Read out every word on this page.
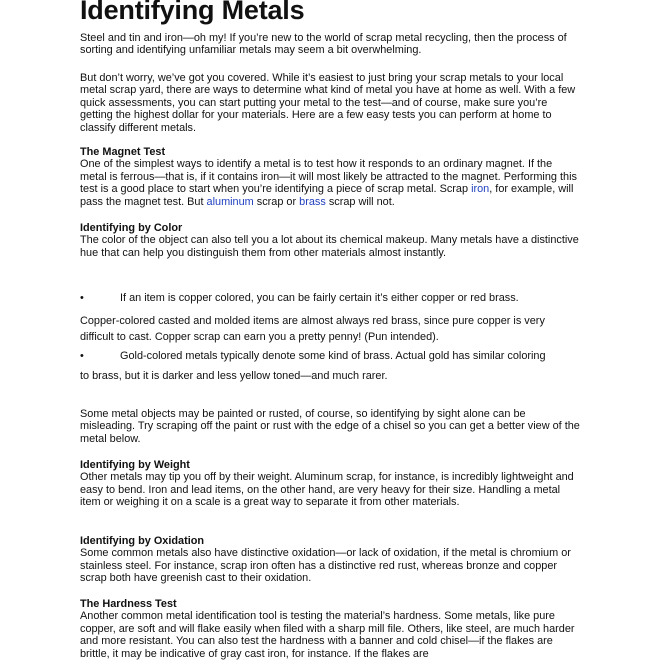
Identifying Metals
Steel and tin and iron—oh my! If you’re new to the world of scrap metal recycling, then the process of sorting and identifying unfamiliar metals may seem a bit overwhelming.
But don’t worry, we’ve got you covered. While it’s easiest to just bring your scrap metals to your local metal scrap yard, there are ways to determine what kind of metal you have at home as well. With a few quick assessments, you can start putting your metal to the test—and of course, make sure you’re getting the highest dollar for your materials. Here are a few easy tests you can perform at home to classify different metals.
The Magnet Test
One of the simplest ways to identify a metal is to test how it responds to an ordinary magnet. If the metal is ferrous—that is, if it contains iron—it will most likely be attracted to the magnet. Performing this test is a good place to start when you’re identifying a piece of scrap metal. Scrap iron, for example, will pass the magnet test. But aluminum scrap or brass scrap will not.
Identifying by Color
The color of the object can also tell you a lot about its chemical makeup. Many metals have a distinctive hue that can help you distinguish them from other materials almost instantly.
•	If an item is copper colored, you can be fairly certain it’s either copper or red brass.
Copper-colored casted and molded items are almost always red brass, since pure copper is very difficult to cast. Copper scrap can earn you a pretty penny! (Pun intended).
•	Gold-colored metals typically denote some kind of brass. Actual gold has similar coloring
to brass, but it is darker and less yellow toned—and much rarer.
Some metal objects may be painted or rusted, of course, so identifying by sight alone can be misleading. Try scraping off the paint or rust with the edge of a chisel so you can get a better view of the metal below.
Identifying by Weight
Other metals may tip you off by their weight. Aluminum scrap, for instance, is incredibly lightweight and easy to bend. Iron and lead items, on the other hand, are very heavy for their size. Handling a metal item or weighing it on a scale is a great way to separate it from other materials.
Identifying by Oxidation
Some common metals also have distinctive oxidation—or lack of oxidation, if the metal is chromium or stainless steel. For instance, scrap iron often has a distinctive red rust, whereas bronze and copper scrap both have greenish cast to their oxidation.
The Hardness Test
Another common metal identification tool is testing the material’s hardness. Some metals, like pure copper, are soft and will flake easily when filed with a sharp mill file. Others, like steel, are much harder and more resistant. You can also test the hardness with a banner and cold chisel—if the flakes are brittle, it may be indicative of gray cast iron, for instance. If the flakes are
